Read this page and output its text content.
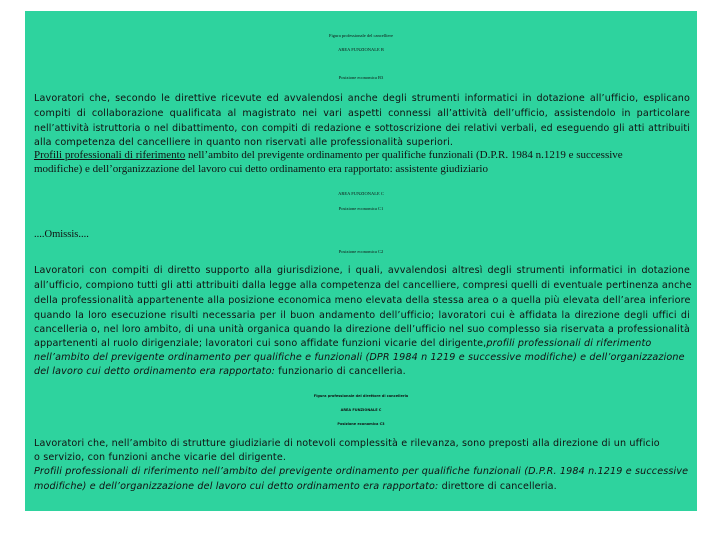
Figura professionale del cancelliere
AREA FUNZIONALE B
Posizione economica B3
Lavoratori che, secondo le direttive ricevute ed avvalendosi anche degli strumenti informatici in dotazione all’ufficio, esplicano
compiti di collaborazione qualificata al magistrato nei vari aspetti connessi all’attività dell’ufficio, assistendolo in particolare
nell’attività istruttoria o nel dibattimento, con compiti di redazione e sottoscrizione dei relativi verbali, ed eseguendo gli atti attribuiti
alla competenza del cancelliere in quanto non riservati alle professionalità superiori.
Profili professionali di riferimento nell’ambito del previgente ordinamento per qualifiche funzionali (D.P.R. 1984 n.1219 e successive
modifiche) e dell’organizzazione del lavoro cui detto ordinamento era rapportato: assistente giudiziario
AREA FUNZIONALE C
Posizione economica C1
....Omissis....
Posizione economica C2
Lavoratori con compiti di diretto supporto alla giurisdizione, i quali, avvalendosi altresì degli strumenti informatici in dotazione
all’ufficio, compiono tutti gli atti attribuiti dalla legge alla competenza del cancelliere, compresi quelli di eventuale pertinenza anche
della professionalità appartenente alla posizione economica meno elevata della stessa area o a quella più elevata dell’area inferiore
quando la loro esecuzione risulti necessaria per il buon andamento dell’ufficio; lavoratori cui è affidata la direzione degli uffici di
cancelleria o, nel loro ambito, di una unità organica quando la direzione dell’ufficio nel suo complesso sia riservata a professionalità
appartenenti al ruolo dirigenziale; lavoratori cui sono affidate funzioni vicarie del dirigente,profili professionali di riferimento
nell’ambito del previgente ordinamento per qualifiche e funzionali (DPR 1984 n 1219 e successive modifiche) e dell’organizzazione
del lavoro cui detto ordinamento era rapportato: funzionario di cancelleria.
Figura professionale del direttore di cancelleria
AREA FUNZIONALE C
Posizione economica C3
Lavoratori che, nell’ambito di strutture giudiziarie di notevoli complessità e rilevanza, sono preposti alla direzione di un ufficio
o servizio, con funzioni anche vicarie del dirigente.
Profili professionali di riferimento nell’ambito del previgente ordinamento per qualifiche funzionali (D.P.R. 1984 n.1219 e successive
modifiche) e dell’organizzazione del lavoro cui detto ordinamento era rapportato: direttore di cancelleria.
